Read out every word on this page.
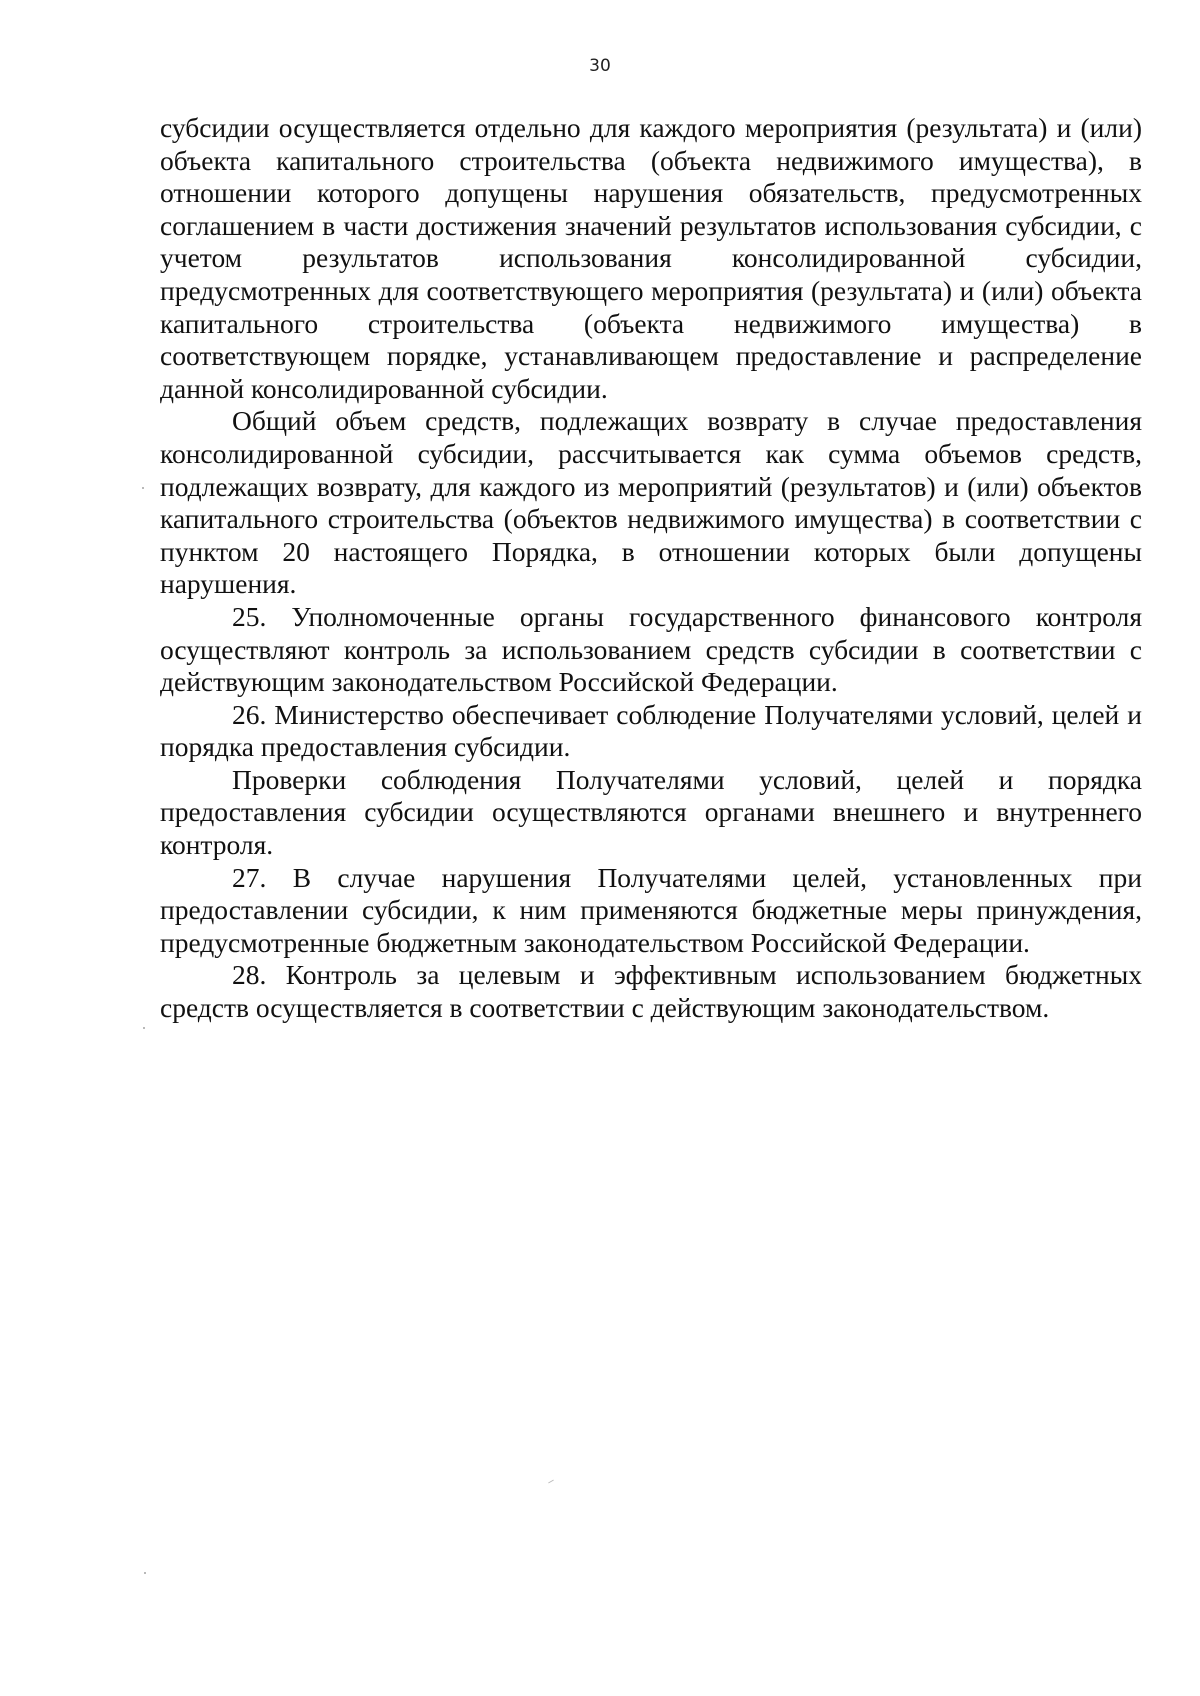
30

субсидии осуществляется отдельно для каждого мероприятия (результата) и (или) объекта капитального строительства (объекта недвижимого имущества), в отношении которого допущены нарушения обязательств, предусмотренных соглашением в части достижения значений результатов использования субсидии, с учетом результатов использования консолидированной субсидии, предусмотренных для соответствующего мероприятия (результата) и (или) объекта капитального строительства (объекта недвижимого имущества) в соответствующем порядке, устанавливающем предоставление и распределение данной консолидированной субсидии.

Общий объем средств, подлежащих возврату в случае предоставления консолидированной субсидии, рассчитывается как сумма объемов средств, подлежащих возврату, для каждого из мероприятий (результатов) и (или) объектов капитального строительства (объектов недвижимого имущества) в соответствии с пунктом 20 настоящего Порядка, в отношении которых были допущены нарушения.

25. Уполномоченные органы государственного финансового контроля осуществляют контроль за использованием средств субсидии в соответствии с действующим законодательством Российской Федерации.

26. Министерство обеспечивает соблюдение Получателями условий, целей и порядка предоставления субсидии.

Проверки соблюдения Получателями условий, целей и порядка предоставления субсидии осуществляются органами внешнего и внутреннего контроля.

27. В случае нарушения Получателями целей, установленных при предоставлении субсидии, к ним применяются бюджетные меры принуждения, предусмотренные бюджетным законодательством Российской Федерации.

28. Контроль за целевым и эффективным использованием бюджетных средств осуществляется в соответствии с действующим законодательством.
